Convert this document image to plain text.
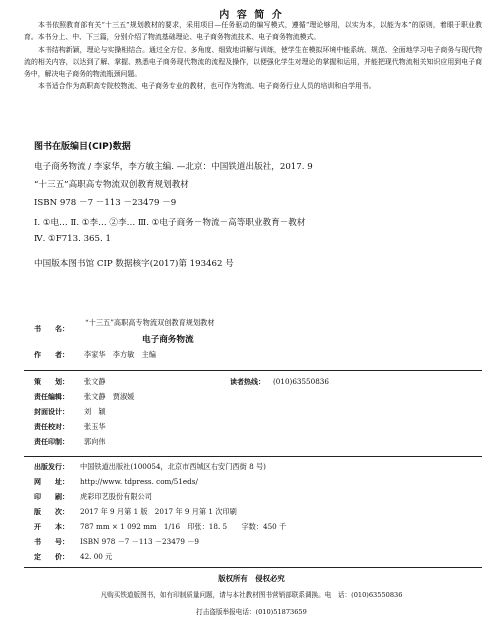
内 容 简 介

本书依照教育部有关“十三五”规划教材的要求，采用项目—任务驱动的编写模式，遵循“理论够用，以实为本，以能为本”的原则，着眼于职业教育。本书分上、中、下三篇，分别介绍了物流基础理论、电子商务物流技术、电子商务物流模式。

本书结构新颖，理论与实操相结合。通过全方位、多角度、细致地讲解与训练，使学生在模拟环境中能系统、规范、全面地学习电子商务与现代物流的相关内容，以达到了解、掌握、熟悉电子商务现代物流的流程及操作，以便强化学生对理论的掌握和运用，并能把现代物流相关知识应用到电子商务中，解决电子商务的物流瓶颈问题。

本书适合作为高职高专院校物流、电子商务专业的教材，也可作为物流、电子商务行业人员的培训和自学用书。

图书在版编目(CIP)数据
电子商务物流 / 李家华，李方敏主编. —北京：中国铁道出版社，2017. 9
“十三五”高职高专物流双创教育规划教材
ISBN 978 －7 －113 －23479 －9
Ⅰ. ①电… Ⅱ. ①李… ②李… Ⅲ. ①电子商务－物流－高等职业教育－教材
Ⅳ. ①F713. 365. 1
中国版本图书馆 CIP 数据核字(2017)第 193462 号
书　　名：
“十三五”高职高专物流双创教育规划教材
电子商务物流
作　　者： 李家华　李方敏　主编
策　　划： 张文静	读者热线： (010)63550836
责任编辑： 张文静　贾淑媛
封面设计： 刘　颖
责任校对： 张玉华
责任印制： 郭向伟
出版发行： 中国铁道出版社(100054，北京市西城区右安门西街 8 号)
网　　址： http://www. tdpress. com/51eds/
印　　刷： 虎彩印艺股份有限公司
版　　次： 2017 年 9 月第 1 版　2017 年 9 月第 1 次印刷
开　　本： 787 mm × 1 092 mm　1/16　印张：18. 5　　字数：450 千
书　　号： ISBN 978 －7 －113 －23479 －9
定　　价： 42. 00 元
版权所有　侵权必究
凡购买铁道版图书，如有印制质量问题，请与本社教材图书营销部联系调换。电　话：(010)63550836
打击盗版举报电话：(010)51873659
